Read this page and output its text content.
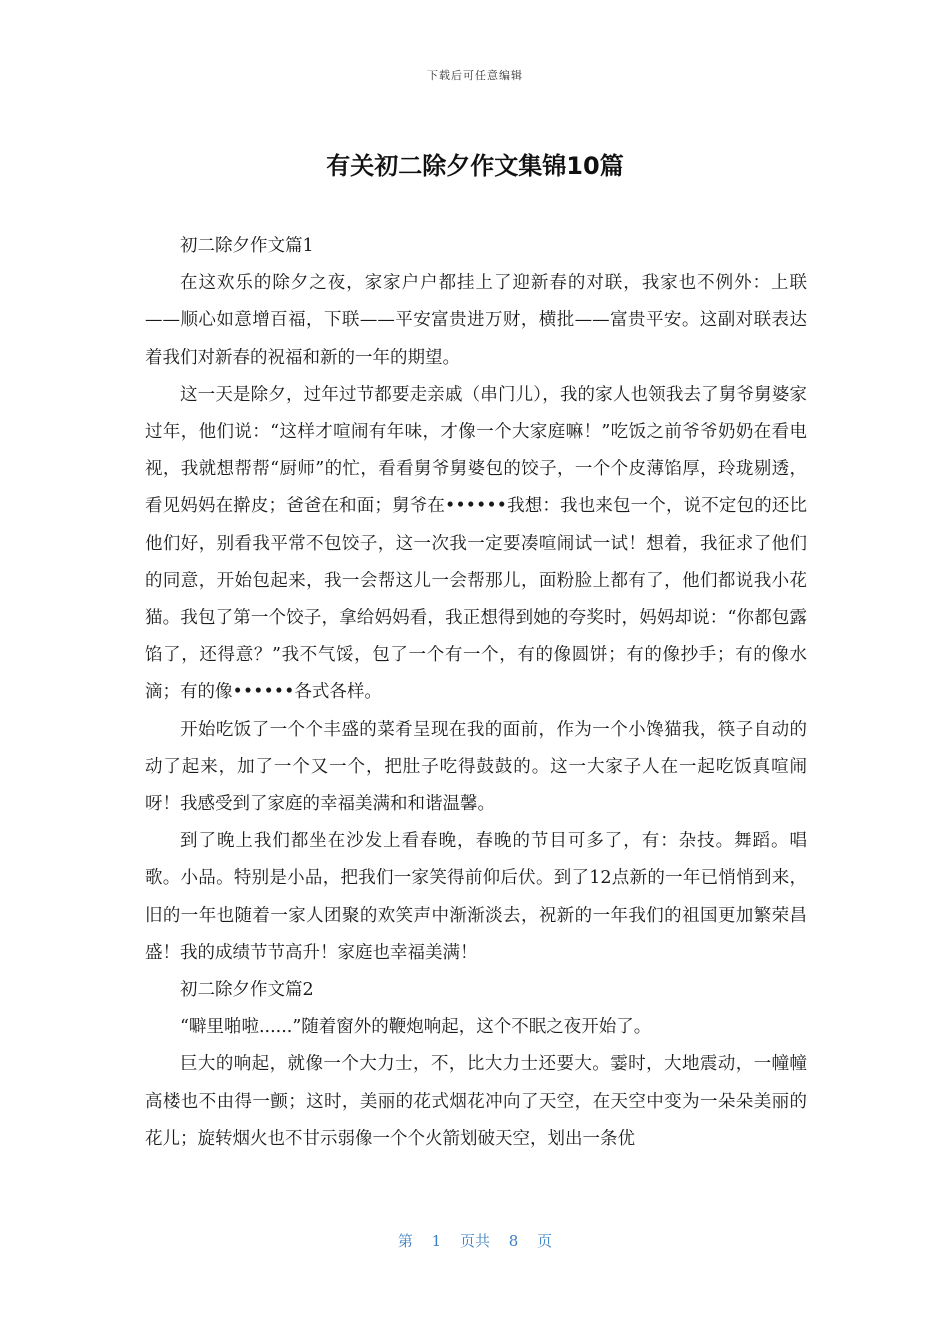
下载后可任意编辑
有关初二除夕作文集锦10篇

初二除夕作文篇1

在这欢乐的除夕之夜，家家户户都挂上了迎新春的对联，我家也不例外：上联——顺心如意增百福，下联——平安富贵进万财，横批——富贵平安。这副对联表达着我们对新春的祝福和新的一年的期望。

这一天是除夕，过年过节都要走亲戚（串门儿），我的家人也领我去了舅爷舅婆家过年，他们说：“这样才喧闹有年味，才像一个大家庭嘛！”吃饭之前爷爷奶奶在看电视，我就想帮帮“厨师”的忙，看看舅爷舅婆包的饺子，一个个皮薄馅厚，玲珑剔透，看见妈妈在擀皮；爸爸在和面；舅爷在••••••我想：我也来包一个，说不定包的还比他们好，别看我平常不包饺子，这一次我一定要凑喧闹试一试！想着，我征求了他们的同意，开始包起来，我一会帮这儿一会帮那儿，面粉脸上都有了，他们都说我小花猫。我包了第一个饺子，拿给妈妈看，我正想得到她的夸奖时，妈妈却说：“你都包露馅了，还得意？”我不气馁，包了一个有一个，有的像圆饼；有的像抄手；有的像水滴；有的像••••••各式各样。

开始吃饭了一个个丰盛的菜肴呈现在我的面前，作为一个小馋猫我，筷子自动的动了起来，加了一个又一个，把肚子吃得鼓鼓的。这一大家子人在一起吃饭真喧闹呀！我感受到了家庭的幸福美满和和谐温馨。

到了晚上我们都坐在沙发上看春晚，春晚的节目可多了，有：杂技。舞蹈。唱歌。小品。特别是小品，把我们一家笑得前仰后伏。到了12点新的一年已悄悄到来，旧的一年也随着一家人团聚的欢笑声中渐渐淡去，祝新的一年我们的祖国更加繁荣昌盛！我的成绩节节高升！家庭也幸福美满！

初二除夕作文篇2

“噼里啪啦......”随着窗外的鞭炮响起，这个不眠之夜开始了。

巨大的响起，就像一个大力士，不，比大力士还要大。霎时，大地震动，一幢幢高楼也不由得一颤；这时，美丽的花式烟花冲向了天空，在天空中变为一朵朵美丽的花儿；旋转烟火也不甘示弱像一个个火箭划破天空，划出一条优

第 1 页共 8 页
